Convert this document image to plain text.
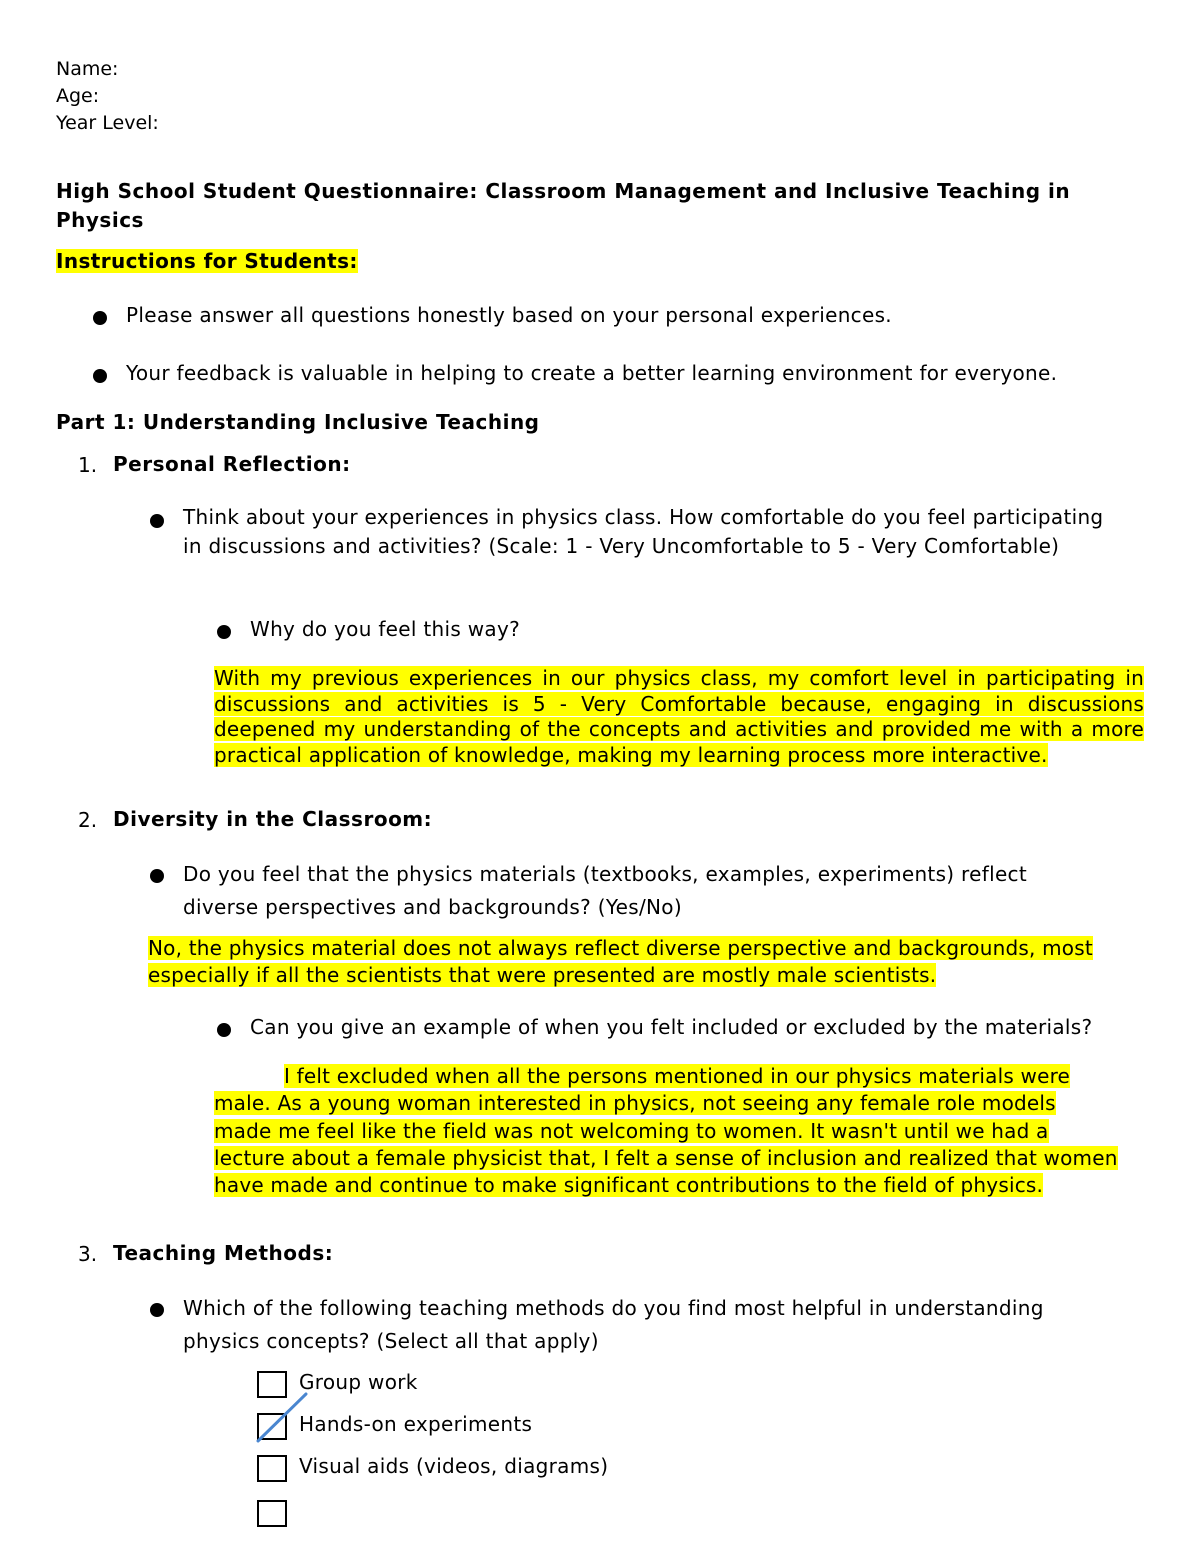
Name:
Age:
Year Level:
High School Student Questionnaire: Classroom Management and Inclusive Teaching in Physics
Instructions for Students:
Please answer all questions honestly based on your personal experiences.
Your feedback is valuable in helping to create a better learning environment for everyone.
Part 1: Understanding Inclusive Teaching
1. Personal Reflection:
Think about your experiences in physics class. How comfortable do you feel participating in discussions and activities? (Scale: 1 - Very Uncomfortable to 5 - Very Comfortable)
Why do you feel this way?
With my previous experiences in our physics class, my comfort level in participating in discussions and activities is 5 - Very Comfortable because, engaging in discussions deepened my understanding of the concepts and activities and provided me with a more practical application of knowledge, making my learning process more interactive.
2. Diversity in the Classroom:
Do you feel that the physics materials (textbooks, examples, experiments) reflect diverse perspectives and backgrounds? (Yes/No)
No, the physics material does not always reflect diverse perspective and backgrounds, most especially if all the scientists that were presented are mostly male scientists.
Can you give an example of when you felt included or excluded by the materials?
I felt excluded when all the persons mentioned in our physics materials were male. As a young woman interested in physics, not seeing any female role models made me feel like the field was not welcoming to women. It wasn't until we had a lecture about a female physicist that, I felt a sense of inclusion and realized that women have made and continue to make significant contributions to the field of physics.
3. Teaching Methods:
Which of the following teaching methods do you find most helpful in understanding physics concepts? (Select all that apply)
Group work
Hands-on experiments
Visual aids (videos, diagrams)
